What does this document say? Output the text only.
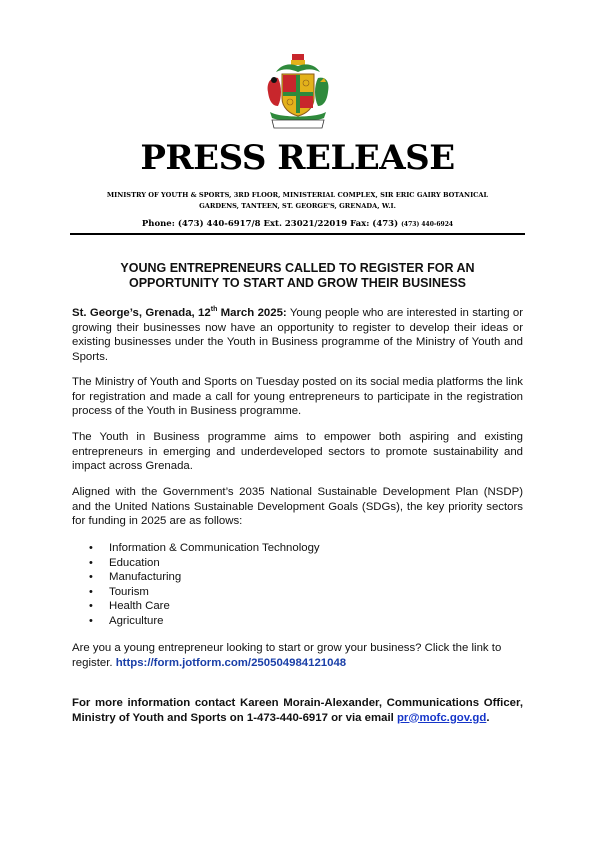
PRESS RELEASE
MINISTRY OF YOUTH & SPORTS, 3RD FLOOR, MINISTERIAL COMPLEX, SIR ERIC GAIRY BOTANICAL
GARDENS, TANTEEN, ST. GEORGE'S, GRENADA, W.I.
Phone: (473) 440-6917/8 Ext. 23021/22019 Fax: (473) (473) 440-6924
YOUNG ENTREPRENEURS CALLED TO REGISTER FOR AN
OPPORTUNITY TO START AND GROW THEIR BUSINESS
St. George’s, Grenada, 12th March 2025: Young people who are interested in starting or growing their businesses now have an opportunity to register to develop their ideas or existing businesses under the Youth in Business programme of the Ministry of Youth and Sports.
The Ministry of Youth and Sports on Tuesday posted on its social media platforms the link for registration and made a call for young entrepreneurs to participate in the registration process of the Youth in Business programme.
The Youth in Business programme aims to empower both aspiring and existing entrepreneurs in emerging and underdeveloped sectors to promote sustainability and impact across Grenada.
Aligned with the Government’s 2035 National Sustainable Development Plan (NSDP) and the United Nations Sustainable Development Goals (SDGs), the key priority sectors for funding in 2025 are as follows:
• Information & Communication Technology
• Education
• Manufacturing
• Tourism
• Health Care
• Agriculture
Are you a young entrepreneur looking to start or grow your business? Click the link to register. https://form.jotform.com/250504984121048
For more information contact Kareen Morain-Alexander, Communications Officer, Ministry of Youth and Sports on 1-473-440-6917 or via email pr@mofc.gov.gd.
